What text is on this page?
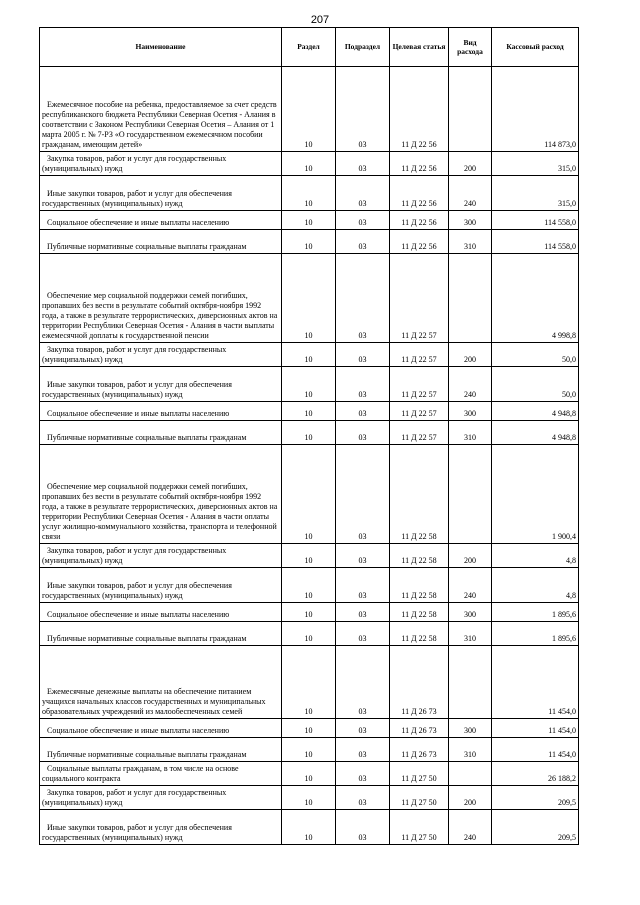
207
Наименование	Раздел	Подраздел	Целевая статья	Вид расхода	Кассовый расход

Ежемесячное пособие на ребенка, предоставляемое за счет средств республиканского бюджета Республики Северная Осетия - Алания в соответствии с Законом Республики Северная Осетия – Алания от 1 марта 2005 г. № 7-РЗ «О государственном ежемесячном пособии гражданам, имеющим детей»	10	03	11 Д 22 56		114 873,0

Закупка товаров, работ и услуг для государственных (муниципальных) нужд	10	03	11 Д 22 56	200	315,0

Иные закупки товаров, работ и услуг для обеспечения государственных (муниципальных) нужд	10	03	11 Д 22 56	240	315,0

Социальное обеспечение и иные выплаты населению	10	03	11 Д 22 56	300	114 558,0

Публичные нормативные социальные выплаты гражданам	10	03	11 Д 22 56	310	114 558,0

Обеспечение мер социальной поддержки семей погибших, пропавших без вести в результате событий октября-ноября 1992 года, а также в результате террористических, диверсионных актов на территории Республики Северная Осетия - Алания в части выплаты ежемесячной доплаты к государственной пенсии	10	03	11 Д 22 57		4 998,8

Закупка товаров, работ и услуг для государственных (муниципальных) нужд	10	03	11 Д 22 57	200	50,0

Иные закупки товаров, работ и услуг для обеспечения государственных (муниципальных) нужд	10	03	11 Д 22 57	240	50,0

Социальное обеспечение и иные выплаты населению	10	03	11 Д 22 57	300	4 948,8

Публичные нормативные социальные выплаты гражданам	10	03	11 Д 22 57	310	4 948,8

Обеспечение мер социальной поддержки семей погибших, пропавших без вести в результате событий октября-ноября 1992 года, а также в результате террористических, диверсионных актов на территории Республики Северная Осетия - Алания в части оплаты услуг жилищно-коммунального хозяйства, транспорта и телефонной связи	10	03	11 Д 22 58		1 900,4

Закупка товаров, работ и услуг для государственных (муниципальных) нужд	10	03	11 Д 22 58	200	4,8

Иные закупки товаров, работ и услуг для обеспечения государственных (муниципальных) нужд	10	03	11 Д 22 58	240	4,8

Социальное обеспечение и иные выплаты населению	10	03	11 Д 22 58	300	1 895,6

Публичные нормативные социальные выплаты гражданам	10	03	11 Д 22 58	310	1 895,6

Ежемесячные денежные выплаты на обеспечение питанием учащихся начальных классов государственных и муниципальных образовательных учреждений из малообеспеченных семей	10	03	11 Д 26 73		11 454,0

Социальное обеспечение и иные выплаты населению	10	03	11 Д 26 73	300	11 454,0

Публичные нормативные социальные выплаты гражданам	10	03	11 Д 26 73	310	11 454,0

Социальные выплаты гражданам, в том числе на основе социального контракта	10	03	11 Д 27 50		26 188,2

Закупка товаров, работ и услуг для государственных (муниципальных) нужд	10	03	11 Д 27 50	200	209,5

Иные закупки товаров, работ и услуг для обеспечения государственных (муниципальных) нужд	10	03	11 Д 27 50	240	209,5
